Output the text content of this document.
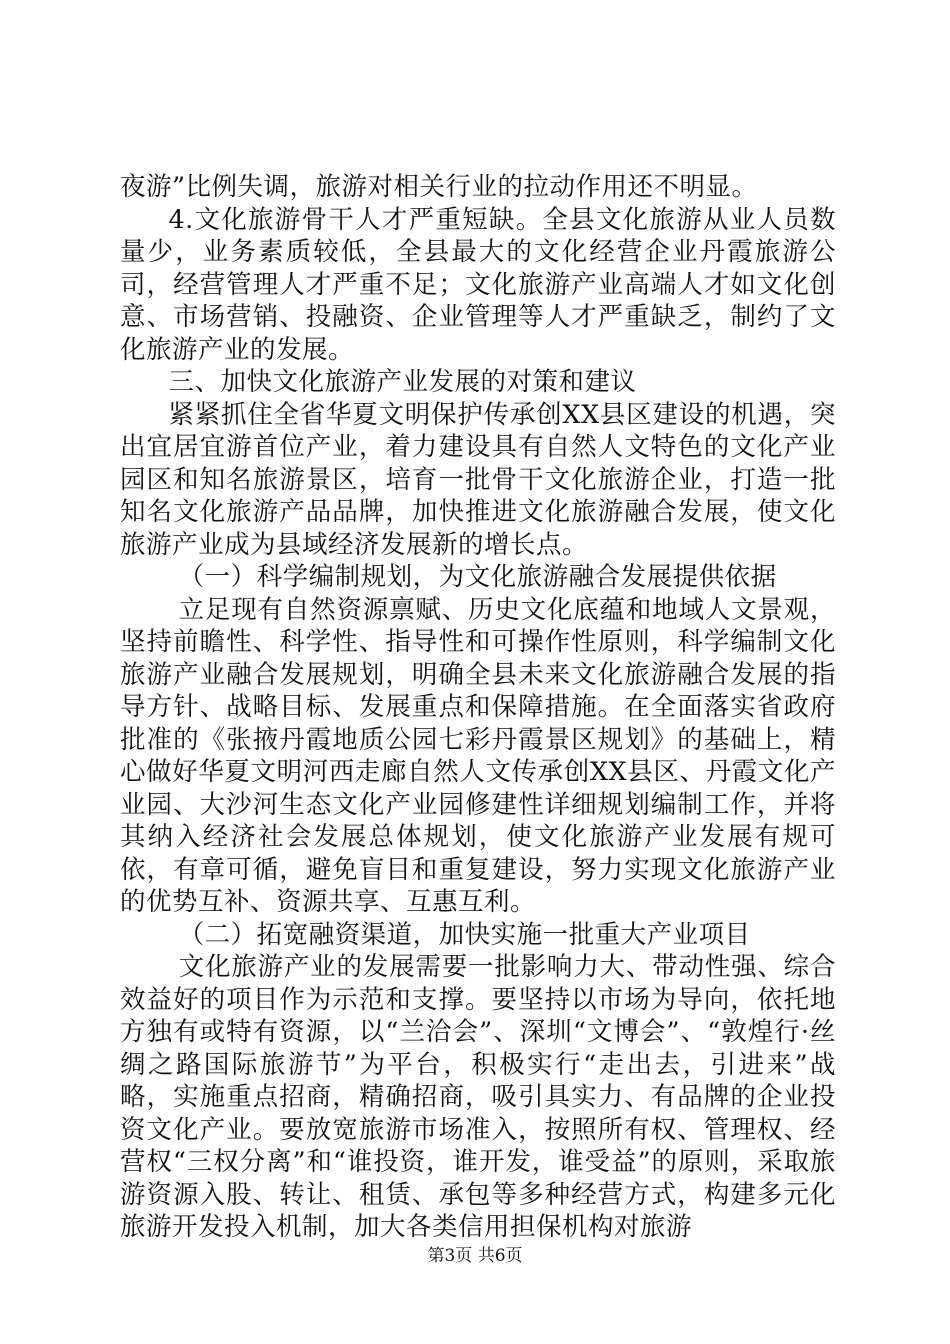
夜游”比例失调，旅游对相关行业的拉动作用还不明显。

4.文化旅游骨干人才严重短缺。全县文化旅游从业人员数量少，业务素质较低，全县最大的文化经营企业丹霞旅游公司，经营管理人才严重不足；文化旅游产业高端人才如文化创意、市场营销、投融资、企业管理等人才严重缺乏，制约了文化旅游产业的发展。

三、加快文化旅游产业发展的对策和建议

紧紧抓住全省华夏文明保护传承创XX县区建设的机遇，突出宜居宜游首位产业，着力建设具有自然人文特色的文化产业园区和知名旅游景区，培育一批骨干文化旅游企业，打造一批知名文化旅游产品品牌，加快推进文化旅游融合发展，使文化旅游产业成为县域经济发展新的增长点。

（一）科学编制规划，为文化旅游融合发展提供依据

立足现有自然资源禀赋、历史文化底蕴和地域人文景观，坚持前瞻性、科学性、指导性和可操作性原则，科学编制文化旅游产业融合发展规划，明确全县未来文化旅游融合发展的指导方针、战略目标、发展重点和保障措施。在全面落实省政府批准的《张掖丹霞地质公园七彩丹霞景区规划》的基础上，精心做好华夏文明河西走廊自然人文传承创XX县区、丹霞文化产业园、大沙河生态文化产业园修建性详细规划编制工作，并将其纳入经济社会发展总体规划，使文化旅游产业发展有规可依，有章可循，避免盲目和重复建设，努力实现文化旅游产业的优势互补、资源共享、互惠互利。

（二）拓宽融资渠道，加快实施一批重大产业项目

文化旅游产业的发展需要一批影响力大、带动性强、综合效益好的项目作为示范和支撑。要坚持以市场为导向，依托地方独有或特有资源，以“兰洽会”、深圳“文博会”、“敦煌行·丝绸之路国际旅游节”为平台，积极实行“走出去，引进来”战略，实施重点招商，精确招商，吸引具实力、有品牌的企业投资文化产业。要放宽旅游市场准入，按照所有权、管理权、经营权“三权分离”和“谁投资，谁开发，谁受益”的原则，采取旅游资源入股、转让、租赁、承包等多种经营方式，构建多元化旅游开发投入机制，加大各类信用担保机构对旅游

第3页 共6页
